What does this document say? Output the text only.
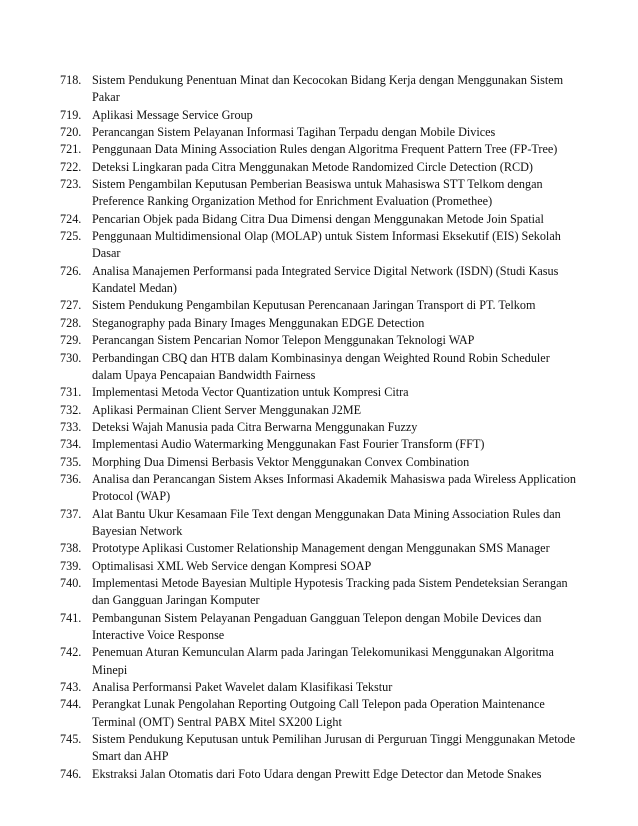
718. Sistem Pendukung Penentuan Minat dan Kecocokan Bidang Kerja dengan Menggunakan Sistem Pakar
719. Aplikasi Message Service Group
720. Perancangan Sistem Pelayanan Informasi Tagihan Terpadu dengan Mobile Divices
721. Penggunaan Data Mining Association Rules dengan Algoritma Frequent Pattern Tree (FP-Tree)
722. Deteksi Lingkaran pada Citra Menggunakan Metode Randomized Circle Detection (RCD)
723. Sistem Pengambilan Keputusan Pemberian Beasiswa untuk Mahasiswa STT Telkom dengan Preference Ranking Organization Method for Enrichment Evaluation (Promethee)
724. Pencarian Objek pada Bidang Citra Dua Dimensi dengan Menggunakan Metode Join Spatial
725. Penggunaan Multidimensional Olap (MOLAP) untuk Sistem Informasi Eksekutif (EIS) Sekolah Dasar
726. Analisa Manajemen Performansi pada Integrated Service Digital Network (ISDN) (Studi Kasus Kandatel Medan)
727. Sistem Pendukung Pengambilan Keputusan Perencanaan Jaringan Transport di PT. Telkom
728. Steganography pada Binary Images Menggunakan EDGE Detection
729. Perancangan Sistem Pencarian Nomor Telepon Menggunakan Teknologi WAP
730. Perbandingan CBQ dan HTB dalam Kombinasinya dengan Weighted Round Robin Scheduler dalam Upaya Pencapaian Bandwidth Fairness
731. Implementasi Metoda Vector Quantization untuk Kompresi Citra
732. Aplikasi Permainan Client Server Menggunakan J2ME
733. Deteksi Wajah Manusia pada Citra Berwarna Menggunakan Fuzzy
734. Implementasi Audio Watermarking Menggunakan Fast Fourier Transform (FFT)
735. Morphing Dua Dimensi Berbasis Vektor Menggunakan Convex Combination
736. Analisa dan Perancangan Sistem Akses Informasi Akademik Mahasiswa pada Wireless Application Protocol (WAP)
737. Alat Bantu Ukur Kesamaan File Text dengan Menggunakan Data Mining Association Rules dan Bayesian Network
738. Prototype Aplikasi Customer Relationship Management dengan Menggunakan SMS Manager
739. Optimalisasi XML Web Service dengan Kompresi SOAP
740. Implementasi Metode Bayesian Multiple Hypotesis Tracking pada Sistem Pendeteksian Serangan dan Gangguan Jaringan Komputer
741. Pembangunan Sistem Pelayanan Pengaduan Gangguan Telepon dengan Mobile Devices dan Interactive Voice Response
742. Penemuan Aturan Kemunculan Alarm pada Jaringan Telekomunikasi Menggunakan Algoritma Minepi
743. Analisa Performansi Paket Wavelet dalam Klasifikasi Tekstur
744. Perangkat Lunak Pengolahan Reporting Outgoing Call Telepon pada Operation Maintenance Terminal (OMT) Sentral PABX Mitel SX200 Light
745. Sistem Pendukung Keputusan untuk Pemilihan Jurusan di Perguruan Tinggi Menggunakan Metode Smart dan AHP
746. Ekstraksi Jalan Otomatis dari Foto Udara dengan Prewitt Edge Detector dan Metode Snakes
